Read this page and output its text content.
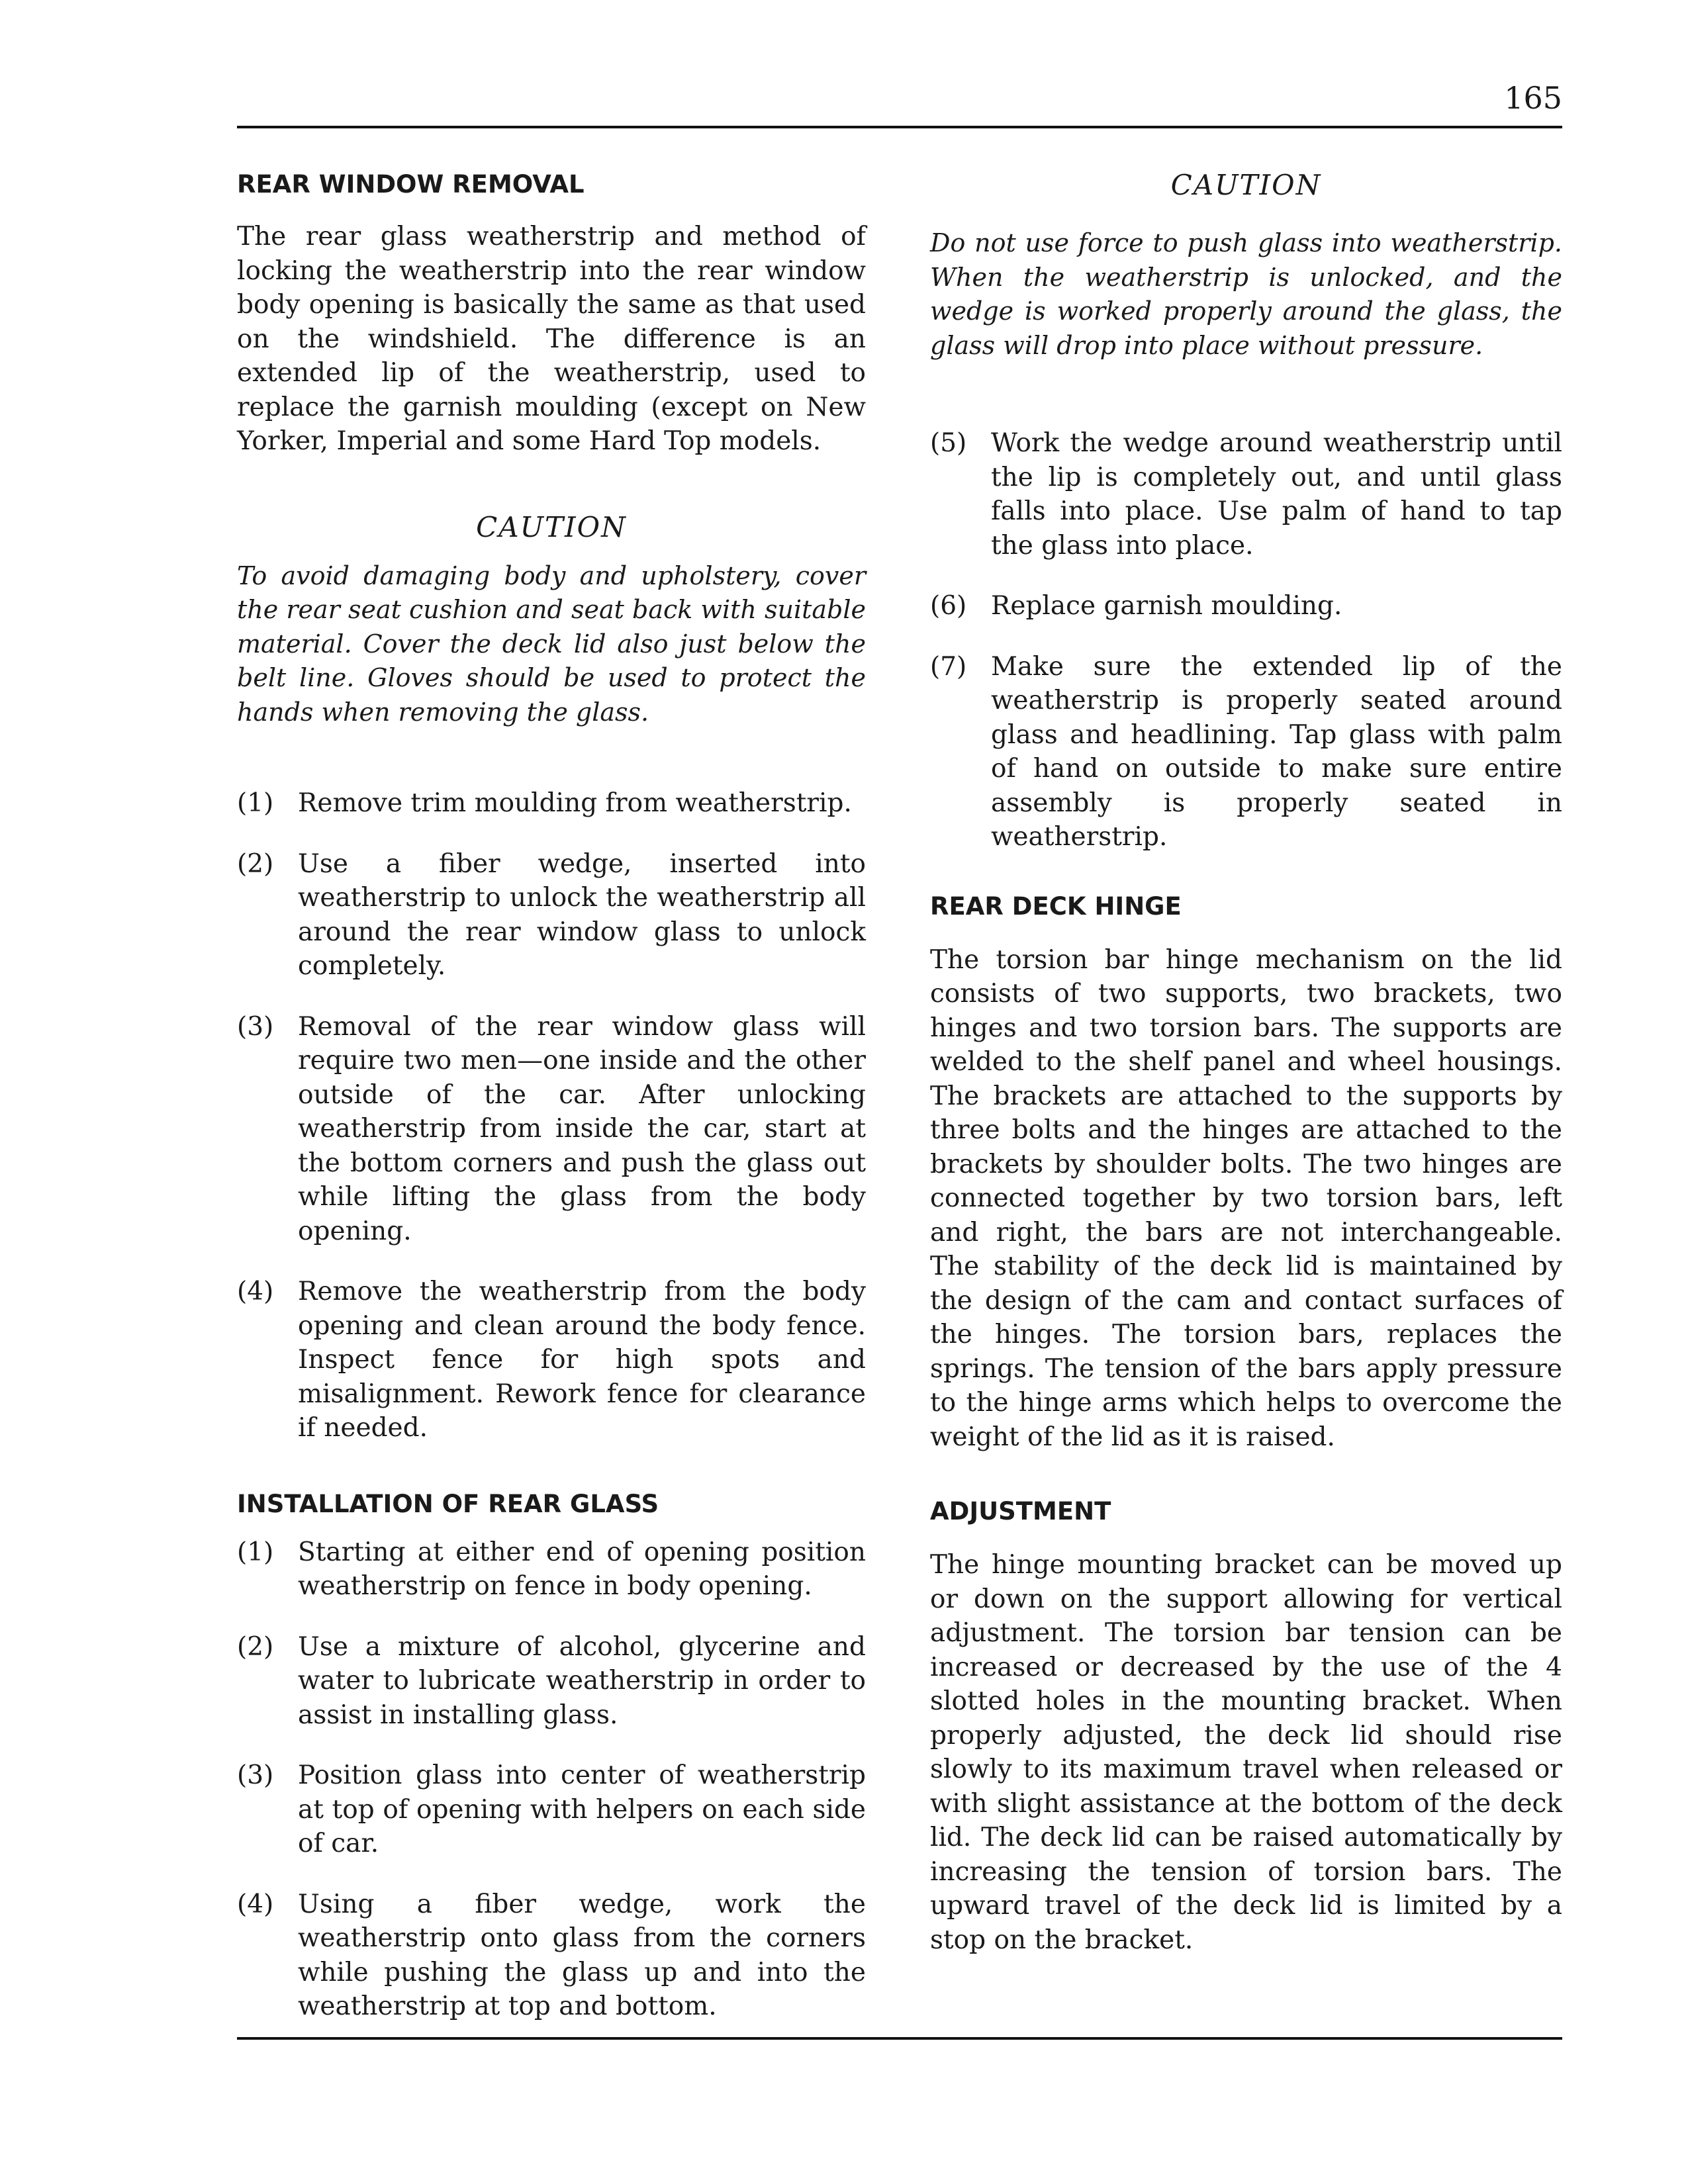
165
REAR WINDOW REMOVAL

The rear glass weatherstrip and method of locking the weatherstrip into the rear window body opening is basically the same as that used on the windshield. The difference is an extended lip of the weatherstrip, used to replace the garnish moulding (except on New Yorker, Imperial and some Hard Top models.

CAUTION

To avoid damaging body and upholstery, cover the rear seat cushion and seat back with suitable material. Cover the deck lid also just below the belt line. Gloves should be used to protect the hands when removing the glass.

(1) Remove trim moulding from weatherstrip.
(2) Use a fiber wedge, inserted into weatherstrip to unlock the weatherstrip all around the rear window glass to unlock completely.
(3) Removal of the rear window glass will require two men—one inside and the other outside of the car. After unlocking weatherstrip from inside the car, start at the bottom corners and push the glass out while lifting the glass from the body opening.
(4) Remove the weatherstrip from the body opening and clean around the body fence. Inspect fence for high spots and misalignment. Rework fence for clearance if needed.
INSTALLATION OF REAR GLASS
(1) Starting at either end of opening position weatherstrip on fence in body opening.
(2) Use a mixture of alcohol, glycerine and water to lubricate weatherstrip in order to assist in installing glass.
(3) Position glass into center of weatherstrip at top of opening with helpers on each side of car.
(4) Using a fiber wedge, work the weatherstrip onto glass from the corners while pushing the glass up and into the weatherstrip at top and bottom.

CAUTION

Do not use force to push glass into weatherstrip. When the weatherstrip is unlocked, and the wedge is worked properly around the glass, the glass will drop into place without pressure.

(5) Work the wedge around weatherstrip until the lip is completely out, and until glass falls into place. Use palm of hand to tap the glass into place.
(6) Replace garnish moulding.
(7) Make sure the extended lip of the weatherstrip is properly seated around glass and headlining. Tap glass with palm of hand on outside to make sure entire assembly is properly seated in weatherstrip.
REAR DECK HINGE

The torsion bar hinge mechanism on the lid consists of two supports, two brackets, two hinges and two torsion bars. The supports are welded to the shelf panel and wheel housings. The brackets are attached to the supports by three bolts and the hinges are attached to the brackets by shoulder bolts. The two hinges are connected together by two torsion bars, left and right, the bars are not interchangeable. The stability of the deck lid is maintained by the design of the cam and contact surfaces of the hinges. The torsion bars, replaces the springs. The tension of the bars apply pressure to the hinge arms which helps to overcome the weight of the lid as it is raised.

ADJUSTMENT

The hinge mounting bracket can be moved up or down on the support allowing for vertical adjustment. The torsion bar tension can be increased or decreased by the use of the 4 slotted holes in the mounting bracket. When properly adjusted, the deck lid should rise slowly to its maximum travel when released or with slight assistance at the bottom of the deck lid. The deck lid can be raised automatically by increasing the tension of torsion bars. The upward travel of the deck lid is limited by a stop on the bracket.
